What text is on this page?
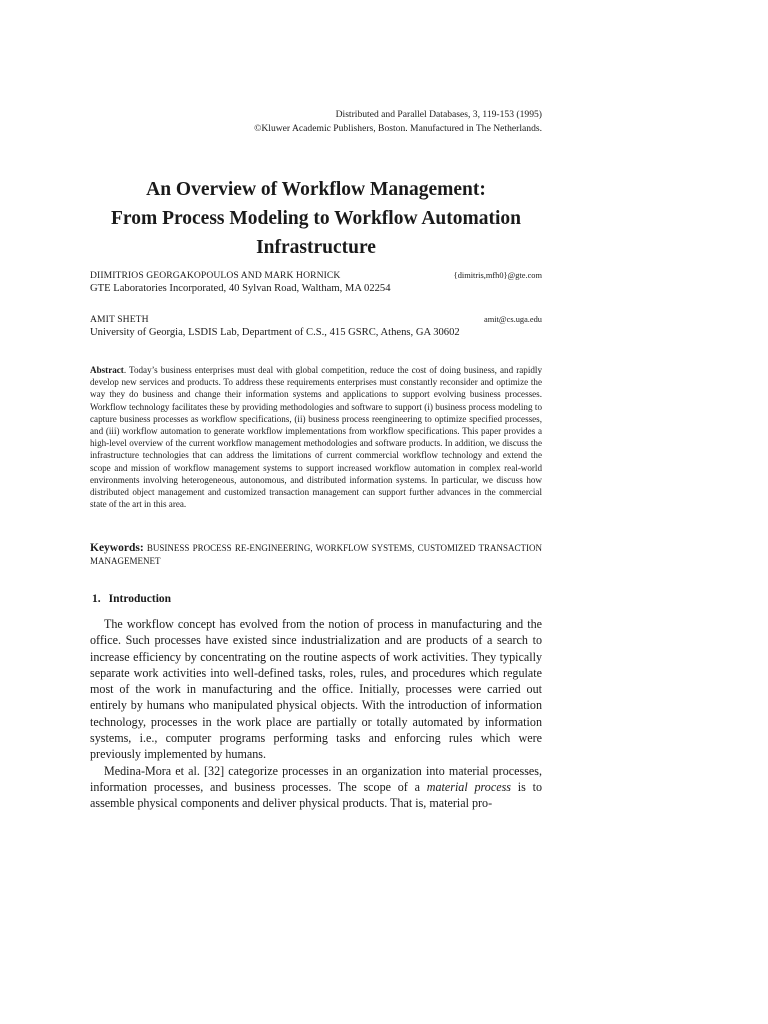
Distributed and Parallel Databases, 3, 119-153 (1995)
©Kluwer Academic Publishers, Boston. Manufactured in The Netherlands.
An Overview of Workflow Management:
From Process Modeling to Workflow Automation
Infrastructure
DIIMITRIOS GEORGAKOPOULOS AND MARK HORNICK	{dimitris,mfh0}@gte.com
GTE Laboratories Incorporated, 40 Sylvan Road, Waltham, MA 02254
AMIT SHETH	amit@cs.uga.edu
University of Georgia, LSDIS Lab, Department of C.S., 415 GSRC, Athens, GA 30602
Abstract. Today’s business enterprises must deal with global competition, reduce the cost of doing business, and rapidly develop new services and products. To address these requirements enterprises must constantly reconsider and optimize the way they do business and change their information systems and applications to support evolving business processes. Workflow technology facilitates these by providing methodologies and software to support (i) business process modeling to capture business processes as workflow specifications, (ii) business process reengineering to optimize specified processes, and (iii) workflow automation to generate workflow implementations from workflow specifications. This paper provides a high-level overview of the current workflow management methodologies and software products. In addition, we discuss the infrastructure technologies that can address the limitations of current commercial workflow technology and extend the scope and mission of workflow management systems to support increased workflow automation in complex real-world environments involving heterogeneous, autonomous, and distributed information systems. In particular, we discuss how distributed object management and customized transaction management can support further advances in the commercial state of the art in this area.
Keywords: BUSINESS PROCESS RE-ENGINEERING, WORKFLOW SYSTEMS, CUSTOMIZED TRANSACTION MANAGEMENET
1. Introduction

The workflow concept has evolved from the notion of process in manufacturing and the office. Such processes have existed since industrialization and are products of a search to increase efficiency by concentrating on the routine aspects of work activities. They typically separate work activities into well-defined tasks, roles, rules, and procedures which regulate most of the work in manufacturing and the office. Initially, processes were carried out entirely by humans who manipulated physical objects. With the introduction of information technology, processes in the work place are partially or totally automated by information systems, i.e., computer programs performing tasks and enforcing rules which were previously implemented by humans.

Medina-Mora et al. [32] categorize processes in an organization into material processes, information processes, and business processes. The scope of a material process is to assemble physical components and deliver physical products. That is, material pro-
